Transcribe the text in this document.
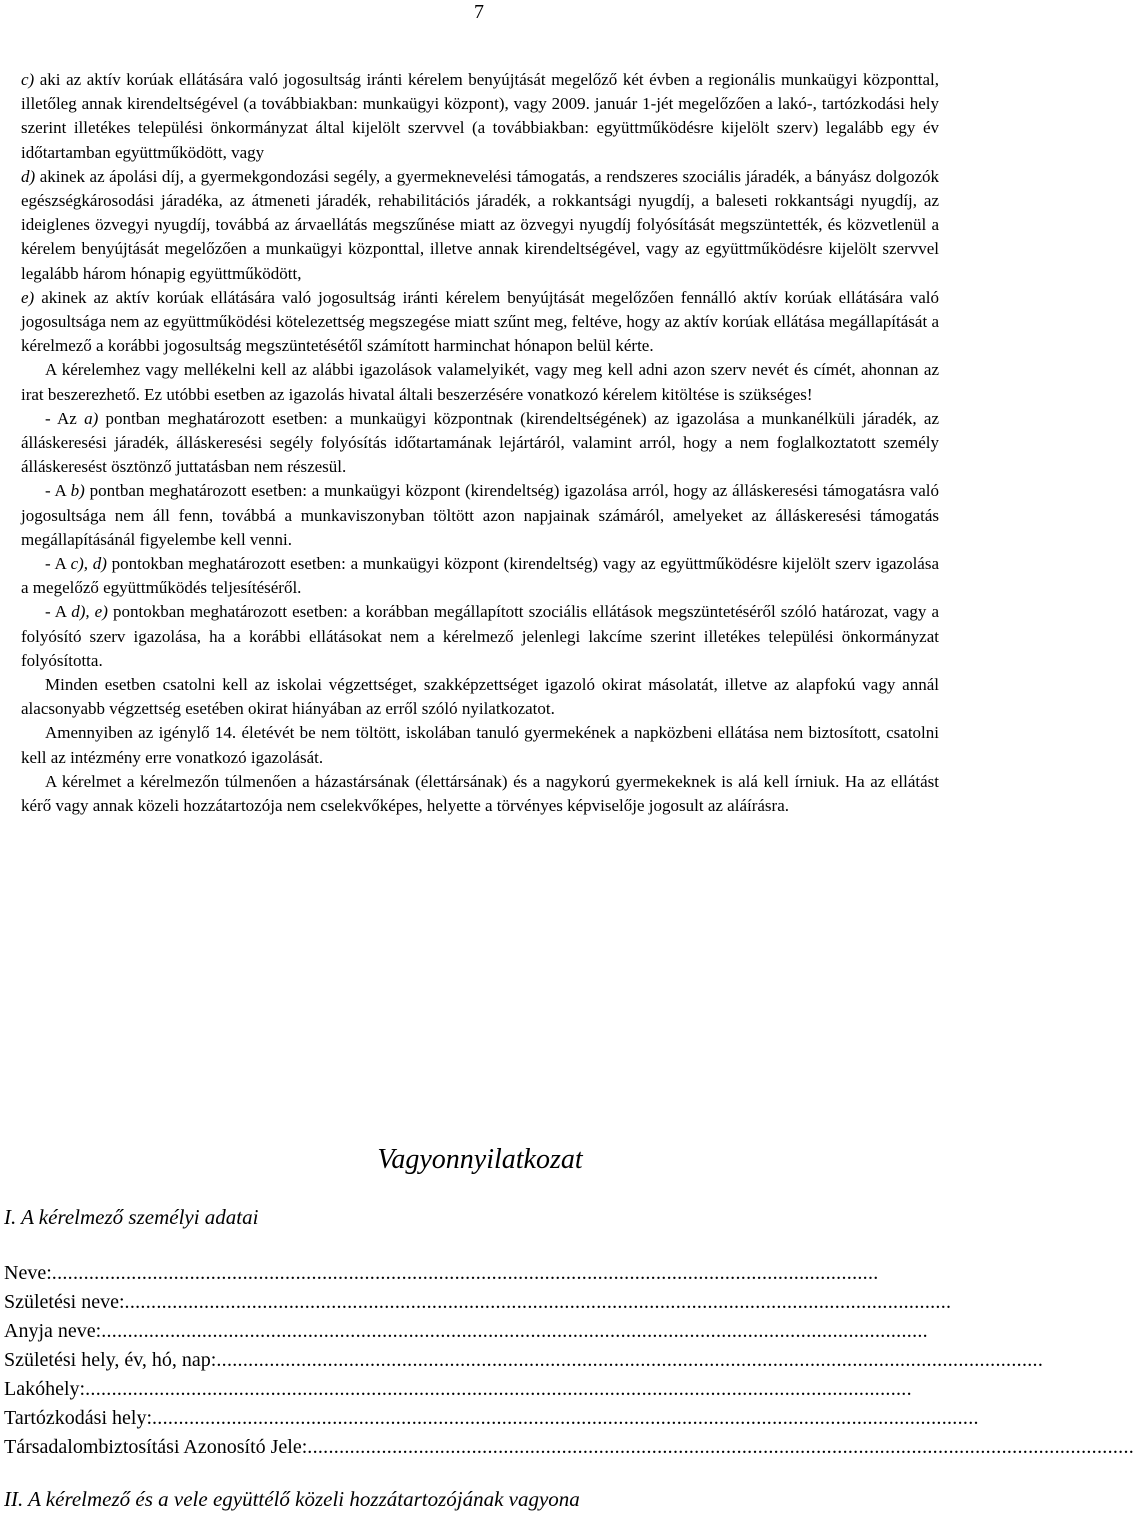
7

c) aki az aktív korúak ellátására való jogosultság iránti kérelem benyújtását megelőző két évben a regionális munkaügyi központtal, illetőleg annak kirendeltségével (a továbbiakban: munkaügyi központ), vagy 2009. január 1-jét megelőzően a lakó-, tartózkodási hely szerint illetékes települési önkormányzat által kijelölt szervvel (a továbbiakban: együttműködésre kijelölt szerv) legalább egy év időtartamban együttműködött, vagy

d) akinek az ápolási díj, a gyermekgondozási segély, a gyermeknevelési támogatás, a rendszeres szociális járadék, a bányász dolgozók egészségkárosodási járadéka, az átmeneti járadék, rehabilitációs járadék, a rokkantsági nyugdíj, a baleseti rokkantsági nyugdíj, az ideiglenes özvegyi nyugdíj, továbbá az árvaellátás megszűnése miatt az özvegyi nyugdíj folyósítását megszüntették, és közvetlenül a kérelem benyújtását megelőzően a munkaügyi központtal, illetve annak kirendeltségével, vagy az együttműködésre kijelölt szervvel legalább három hónapig együttműködött,

e) akinek az aktív korúak ellátására való jogosultság iránti kérelem benyújtását megelőzően fennálló aktív korúak ellátására való jogosultsága nem az együttműködési kötelezettség megszegése miatt szűnt meg, feltéve, hogy az aktív korúak ellátása megállapítását a kérelmező a korábbi jogosultság megszüntetésétől számított harminchat hónapon belül kérte.

A kérelemhez vagy mellékelni kell az alábbi igazolások valamelyikét, vagy meg kell adni azon szerv nevét és címét, ahonnan az irat beszerezhető. Ez utóbbi esetben az igazolás hivatal általi beszerzésére vonatkozó kérelem kitöltése is szükséges!

- Az a) pontban meghatározott esetben: a munkaügyi központnak (kirendeltségének) az igazolása a munkanélküli járadék, az álláskeresési járadék, álláskeresési segély folyósítás időtartamának lejártáról, valamint arról, hogy a nem foglalkoztatott személy álláskeresést ösztönző juttatásban nem részesül.

- A b) pontban meghatározott esetben: a munkaügyi központ (kirendeltség) igazolása arról, hogy az álláskeresési támogatásra való jogosultsága nem áll fenn, továbbá a munkaviszonyban töltött azon napjainak számáról, amelyeket az álláskeresési támogatás megállapításánál figyelembe kell venni.

- A c), d) pontokban meghatározott esetben: a munkaügyi központ (kirendeltség) vagy az együttműködésre kijelölt szerv igazolása a megelőző együttműködés teljesítéséről.

- A d), e) pontokban meghatározott esetben: a korábban megállapított szociális ellátások megszüntetéséről szóló határozat, vagy a folyósító szerv igazolása, ha a korábbi ellátásokat nem a kérelmező jelenlegi lakcíme szerint illetékes települési önkormányzat folyósította.

Minden esetben csatolni kell az iskolai végzettséget, szakképzettséget igazoló okirat másolatát, illetve az alapfokú vagy annál alacsonyabb végzettség esetében okirat hiányában az erről szóló nyilatkozatot.

Amennyiben az igénylő 14. életévét be nem töltött, iskolában tanuló gyermekének a napközbeni ellátása nem biztosított, csatolni kell az intézmény erre vonatkozó igazolását.

A kérelmet a kérelmezőn túlmenően a házastársának (élettársának) és a nagykorú gyermekeknek is alá kell írniuk. Ha az ellátást kérő vagy annak közeli hozzátartozója nem cselekvőképes, helyette a törvényes képviselője jogosult az aláírásra.

Vagyonnyilatkozat
I. A kérelmező személyi adatai
Neve: ............................................................................................................................................................
Születési neve: ............................................................................................................................................................
Anyja neve: ............................................................................................................................................................
Születési hely, év, hó, nap: ............................................................................................................................................................
Lakóhely: ............................................................................................................................................................
Tartózkodási hely: ............................................................................................................................................................
Társadalombiztosítási Azonosító Jele: ............................................................................................................................................................
II. A kérelmező és a vele együttélő közeli hozzátartozójának vagyona
